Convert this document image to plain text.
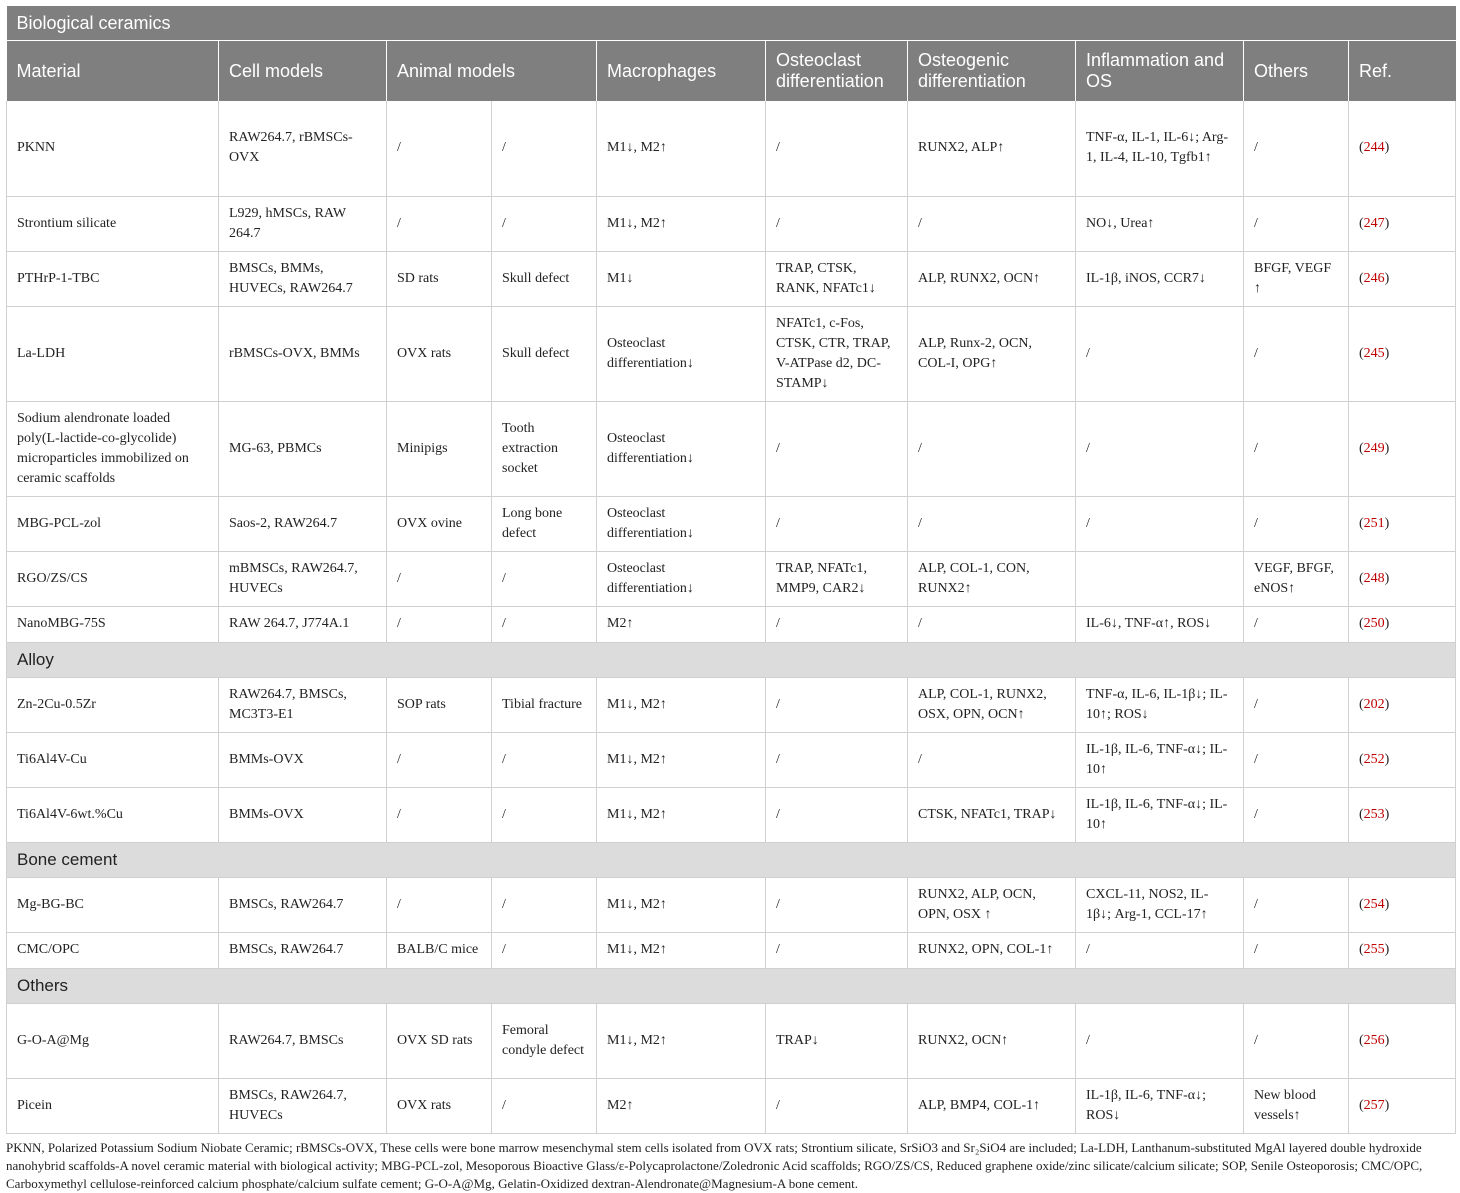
Biological ceramics									
Material	Cell models	Animal models		Macrophages	Osteoclast differentiation	Osteogenic differentiation	Inflammation and OS	Others	Ref.
PKNN	RAW264.7, rBMSCs-OVX	/	/	M1↓, M2↑	/	RUNX2, ALP↑	TNF-α, IL-1, IL-6↓; Arg-1, IL-4, IL-10, Tgfb1↑	/	(244)
Strontium silicate	L929, hMSCs, RAW 264.7	/	/	M1↓, M2↑	/	/	NO↓, Urea↑	/	(247)
PTHrP-1-TBC	BMSCs, BMMs, HUVECs, RAW264.7	SD rats	Skull defect	M1↓	TRAP, CTSK, RANK, NFATc1↓	ALP, RUNX2, OCN↑	IL-1β, iNOS, CCR7↓	BFGF, VEGF ↑	(246)
La-LDH	rBMSCs-OVX, BMMs	OVX rats	Skull defect	Osteoclast differentiation↓	NFATc1, c-Fos, CTSK, CTR, TRAP, V-ATPase d2, DC-STAMP↓	ALP, Runx-2, OCN, COL-I, OPG↑	/	/	(245)
Sodium alendronate loaded poly(L-lactide-co-glycolide) microparticles immobilized on ceramic scaffolds	MG-63, PBMCs	Minipigs	Tooth extraction socket	Osteoclast differentiation↓	/	/	/	/	(249)
MBG-PCL-zol	Saos-2, RAW264.7	OVX ovine	Long bone defect	Osteoclast differentiation↓	/	/	/	/	(251)
RGO/ZS/CS	mBMSCs, RAW264.7, HUVECs	/	/	Osteoclast differentiation↓	TRAP, NFATc1, MMP9, CAR2↓	ALP, COL-1, CON, RUNX2↑		VEGF, BFGF, eNOS↑	(248)
NanoMBG-75S	RAW 264.7, J774A.1	/	/	M2↑	/	/	IL-6↓, TNF-α↑, ROS↓	/	(250)
Alloy									
Zn-2Cu-0.5Zr	RAW264.7, BMSCs, MC3T3-E1	SOP rats	Tibial fracture	M1↓, M2↑	/	ALP, COL-1, RUNX2, OSX, OPN, OCN↑	TNF-α, IL-6, IL-1β↓; IL-10↑; ROS↓	/	(202)
Ti6Al4V-Cu	BMMs-OVX	/	/	M1↓, M2↑	/	/	IL-1β, IL-6, TNF-α↓; IL-10↑	/	(252)
Ti6Al4V-6wt.%Cu	BMMs-OVX	/	/	M1↓, M2↑	/	CTSK, NFATc1, TRAP↓	IL-1β, IL-6, TNF-α↓; IL-10↑	/	(253)
Bone cement									
Mg-BG-BC	BMSCs, RAW264.7	/	/	M1↓, M2↑	/	RUNX2, ALP, OCN, OPN, OSX ↑	CXCL-11, NOS2, IL-1β↓; Arg-1, CCL-17↑	/	(254)
CMC/OPC	BMSCs, RAW264.7	BALB/C mice	/	M1↓, M2↑	/	RUNX2, OPN, COL-1↑	/	/	(255)
Others									
G-O-A@Mg	RAW264.7, BMSCs	OVX SD rats	Femoral condyle defect	M1↓, M2↑	TRAP↓	RUNX2, OCN↑	/	/	(256)
Picein	BMSCs, RAW264.7, HUVECs	OVX rats	/	M2↑	/	ALP, BMP4, COL-1↑	IL-1β, IL-6, TNF-α↓; ROS↓	New blood vessels↑	(257)
PKNN, Polarized Potassium Sodium Niobate Ceramic; rBMSCs-OVX, These cells were bone marrow mesenchymal stem cells isolated from OVX rats; Strontium silicate, SrSiO3 and Sr₂SiO4 are included; La-LDH, Lanthanum-substituted MgAl layered double hydroxide nanohybrid scaffolds-A novel ceramic material with biological activity; MBG-PCL-zol, Mesoporous Bioactive Glass/ε-Polycaprolactone/Zoledronic Acid scaffolds; RGO/ZS/CS, Reduced graphene oxide/zinc silicate/calcium silicate; SOP, Senile Osteoporosis; CMC/OPC, Carboxymethyl cellulose-reinforced calcium phosphate/calcium sulfate cement; G-O-A@Mg, Gelatin-Oxidized dextran-Alendronate@Magnesium-A bone cement.
